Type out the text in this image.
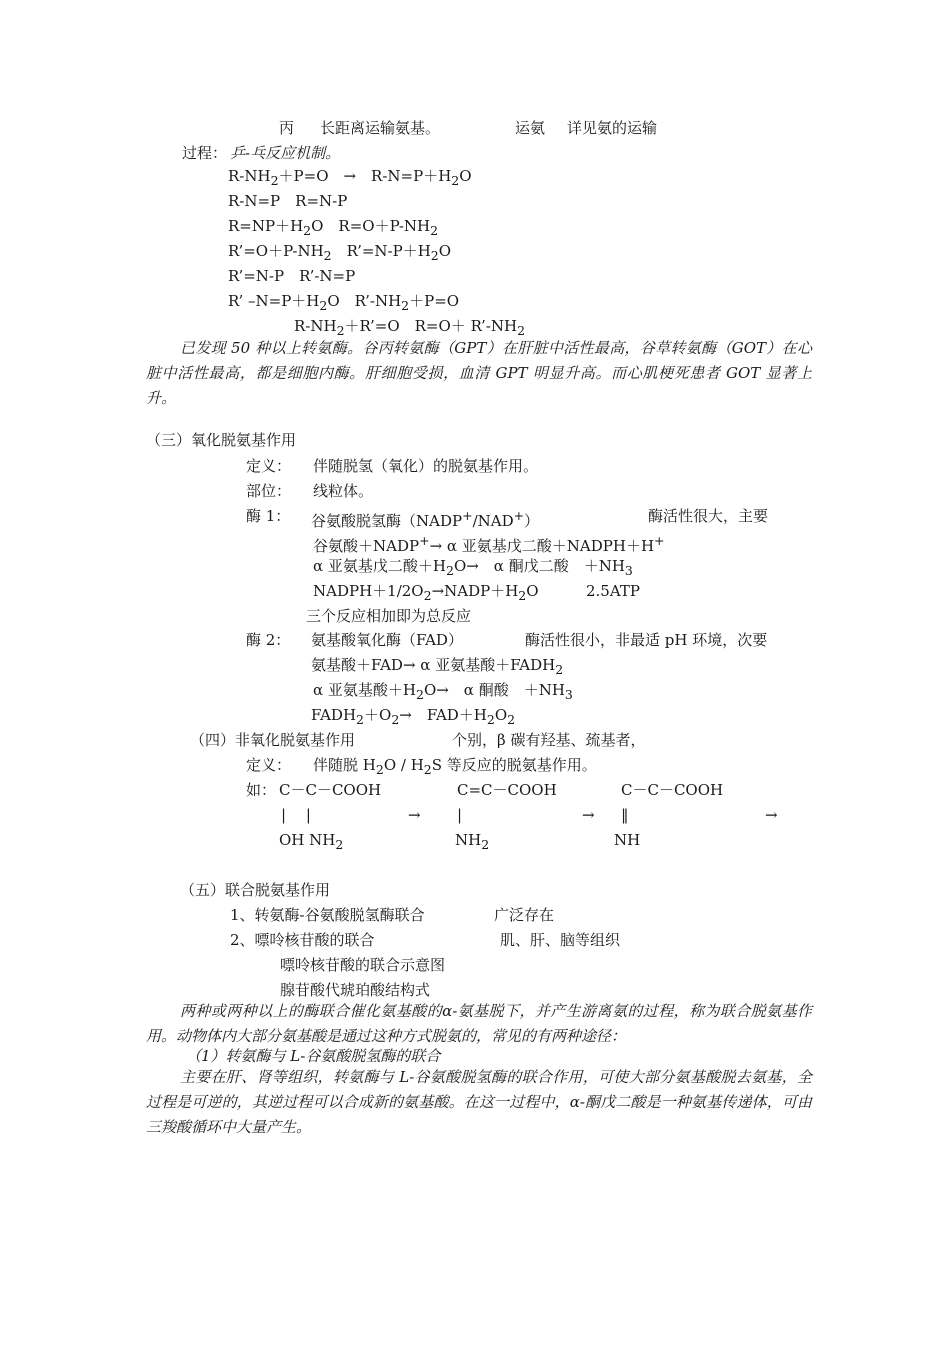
丙 长距离运输氨基。	运氨 详见氨的运输
过程： 乒-乓反应机制。
$R-NH_2+P=O$　→　$R-N=P+H_2O$
R-N=P　R=N-P
$R=NP+H_2O$　$R=O+P-NH_2$
$R’=O+P-NH_2$　$R’=N-P+H_2O$
R’=N-P　R’-N=P
R’ $-N=P+H_2O$　$R’-NH_2+P=O$
$R-NH_2+R’=O$　$R=O+ R’-NH_2$
已发现 50 种以上转氨酶。谷丙转氨酶（GPT）在肝脏中活性最高，谷草转氨酶（GOT）在心脏中活性最高，都是细胞内酶。肝细胞受损，血清 GPT 明显升高。而心肌梗死患者 GOT 显著上升。
（三）氧化脱氨基作用
定义： 伴随脱氢（氧化）的脱氨基作用。
部位： 线粒体。
酶 1： 谷氨酸脱氢酶（NADP+/NAD+）	酶活性很大，主要
谷氨酸＋NADP+→ α 亚氨基戊二酸＋NADPH＋H+
α 亚氨基戊二酸$+H_2O\to$　α 酮戊二酸　$+NH_3$
$NADPH+1/2O_2\to NADP+H_2O$	2.5ATP
三个反应相加即为总反应
酶 2： 氨基酸氧化酶（FAD）	酶活性很小，非最适 pH 环境，次要
氨基酸＋FAD→ α 亚氨基酸$+FADH_2$
α 亚氨基酸$+H_2O\to$　α 酮酸　$+NH_3$
$FADH_2+O_2\to$　$FAD+H_2O_2$
（四）非氧化脱氨基作用	个别，β 碳有羟基、巯基者，
定义： 伴随脱 $H_2O / H_2S$ 等反应的脱氨基作用。
如： C－C－COOH
|　 |
OH $NH_2$
→
C=C－COOH
|
$NH_2$
→
C－C－COOH
‖
NH
→
（五）联合脱氨基作用
1、转氨酶-谷氨酸脱氢酶联合	广泛存在
2、嘌呤核苷酸的联合	肌、肝、脑等组织
嘌呤核苷酸的联合示意图
腺苷酸代琥珀酸结构式
两种或两种以上的酶联合催化氨基酸的α-氨基脱下，并产生游离氨的过程，称为联合脱氨基作用。动物体内大部分氨基酸是通过这种方式脱氨的，常见的有两种途径：
（1）转氨酶与 L-谷氨酸脱氢酶的联合
主要在肝、肾等组织，转氨酶与 L-谷氨酸脱氢酶的联合作用，可使大部分氨基酸脱去氨基，全过程是可逆的，其逆过程可以合成新的氨基酸。在这一过程中，α-酮戊二酸是一种氨基传递体，可由三羧酸循环中大量产生。
